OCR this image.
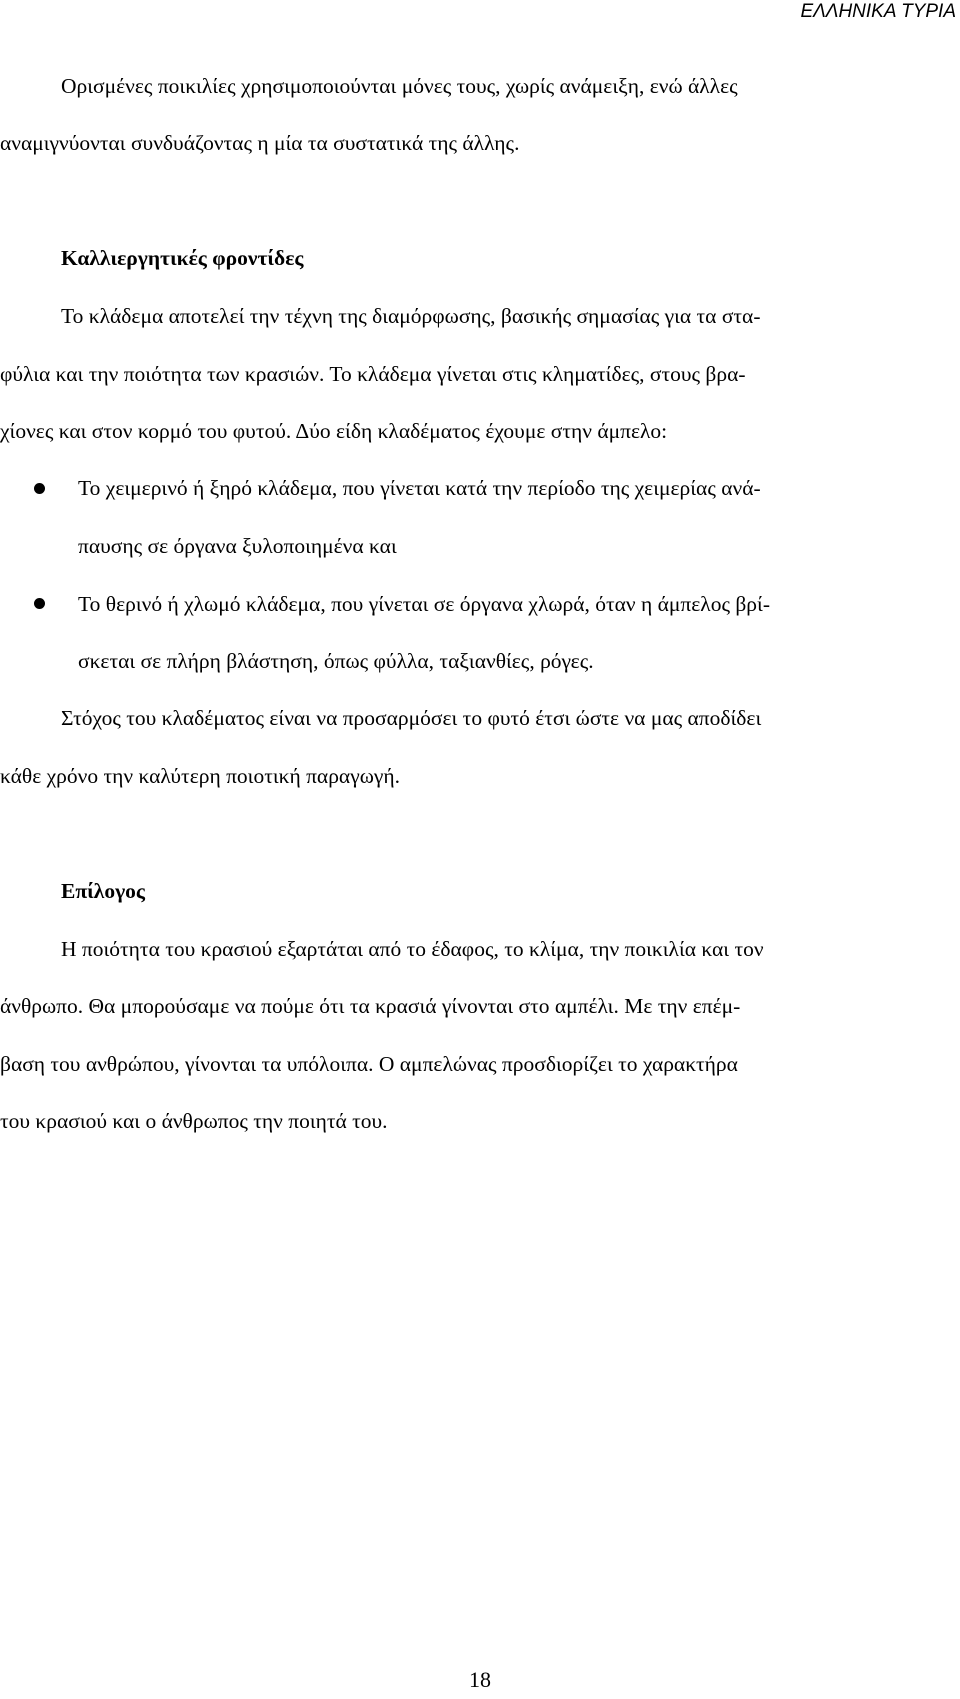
ΕΛΛΗΝΙΚΑ ΤΥΡΙΑ
Ορισμένες ποικιλίες χρησιμοποιούνται μόνες τους, χωρίς ανάμειξη, ενώ άλλες
αναμιγνύονται συνδυάζοντας η μία τα συστατικά της άλλης.
Καλλιεργητικές φροντίδες
Το κλάδεμα αποτελεί την τέχνη της διαμόρφωσης, βασικής σημασίας για τα στα-
φύλια και την ποιότητα των κρασιών. Το κλάδεμα γίνεται στις κληματίδες, στους βρα-
χίονες και στον κορμό του φυτού. Δύο είδη κλαδέματος έχουμε στην άμπελο:
Το χειμερινό ή ξηρό κλάδεμα, που γίνεται κατά την περίοδο της χειμερίας ανά-
παυσης σε όργανα ξυλοποιημένα και
Το θερινό ή χλωμό κλάδεμα, που γίνεται σε όργανα χλωρά, όταν η άμπελος βρί-
σκεται σε πλήρη βλάστηση, όπως φύλλα, ταξιανθίες, ρόγες.
Στόχος του κλαδέματος είναι να προσαρμόσει το φυτό έτσι ώστε να μας αποδίδει
κάθε χρόνο την καλύτερη ποιοτική παραγωγή.
Επίλογος
Η ποιότητα του κρασιού εξαρτάται από το έδαφος, το κλίμα, την ποικιλία και τον
άνθρωπο. Θα μπορούσαμε να πούμε ότι τα κρασιά γίνονται στο αμπέλι. Με την επέμ-
βαση του ανθρώπου, γίνονται τα υπόλοιπα. Ο αμπελώνας προσδιορίζει το χαρακτήρα
του κρασιού και ο άνθρωπος την ποιητά του.
18
